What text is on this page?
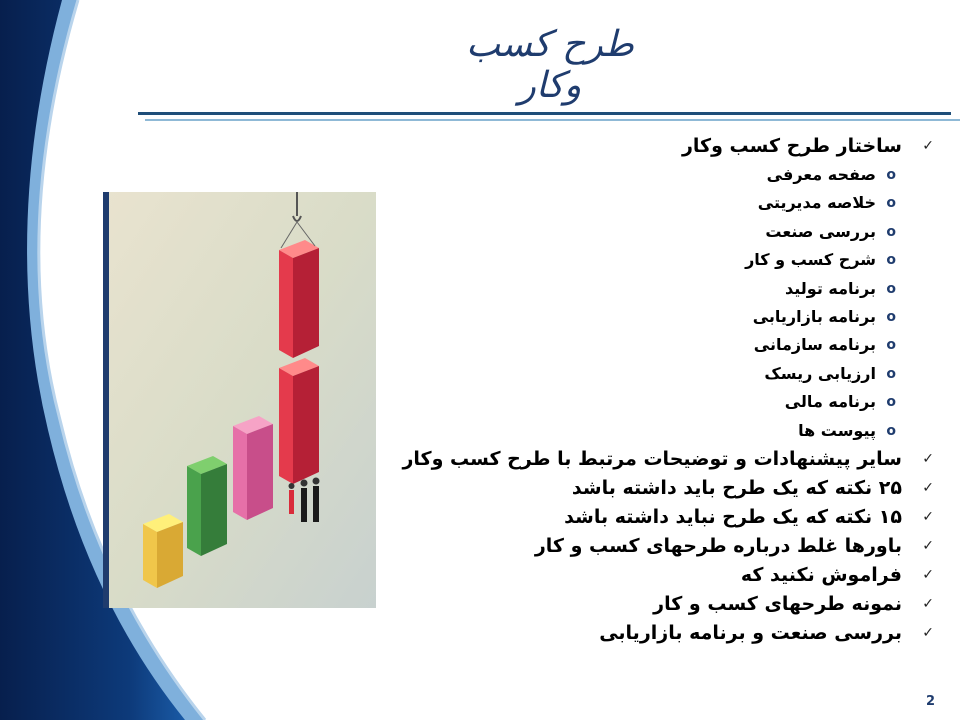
طرح کسب وکار
✓
ساختار طرح کسب وکار
o
صفحه معرفی
o
خلاصه مدیریتی
o
بررسی صنعت
o
شرح کسب و کار
o
برنامه تولید
o
برنامه بازاریابی
o
برنامه سازمانی
o
ارزیابی ریسک
o
برنامه مالی
o
پیوست ها
✓
سایر پیشنهادات و توضیحات مرتبط با طرح کسب وکار
✓
۲۵ نکته که یک طرح باید داشته باشد
✓
۱۵ نکته که یک طرح نباید داشته باشد
✓
باورها غلط درباره طرحهای کسب و کار
✓
فراموش نکنید که
✓
نمونه طرحهای کسب و کار
✓
بررسی صنعت و برنامه بازاریابی
2
